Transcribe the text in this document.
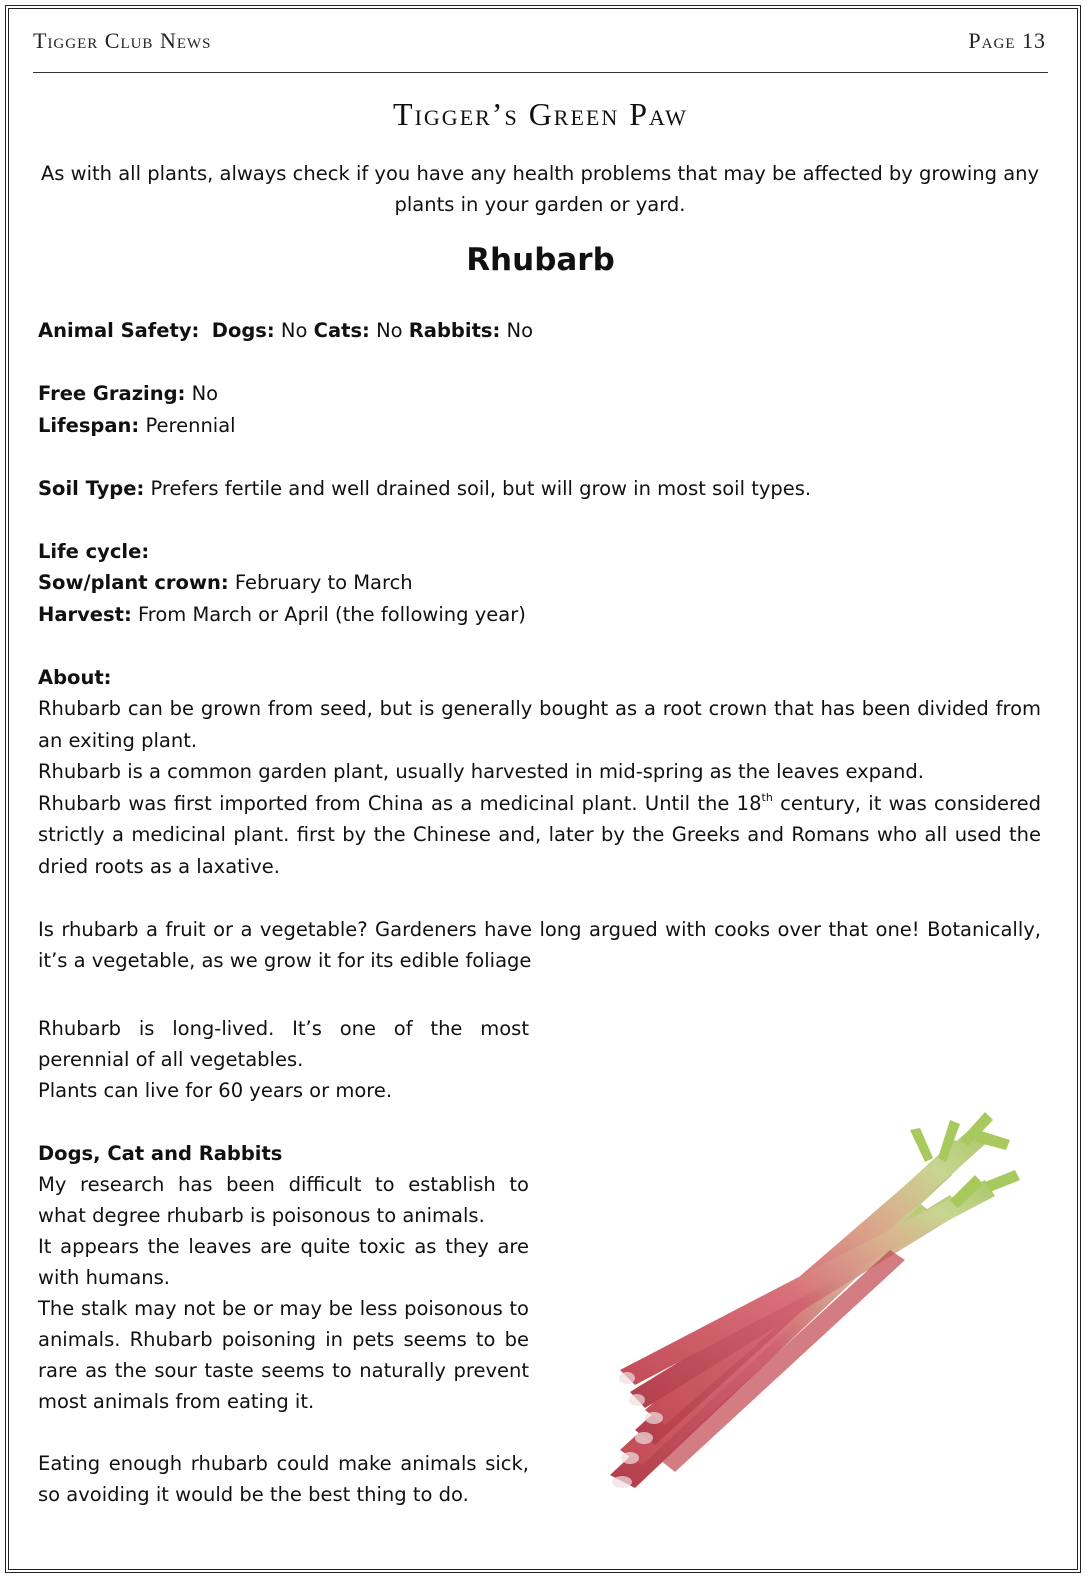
Tigger Club News	Page 13
Tigger’s Green Paw
As with all plants, always check if you have any health problems that may be affected by growing any plants in your garden or yard.
Rhubarb

Animal Safety: Dogs: No Cats: No Rabbits: No

Free Grazing: No

Lifespan: Perennial

Soil Type: Prefers fertile and well drained soil, but will grow in most soil types.

Life cycle:

Sow/plant crown: February to March

Harvest: From March or April (the following year)

About:

Rhubarb can be grown from seed, but is generally bought as a root crown that has been divided from an exiting plant.

Rhubarb is a common garden plant, usually harvested in mid-spring as the leaves expand.

Rhubarb was first imported from China as a medicinal plant. Until the 18th century, it was considered strictly a medicinal plant. first by the Chinese and, later by the Greeks and Romans who all used the dried roots as a laxative.

Is rhubarb a fruit or a vegetable? Gardeners have long argued with cooks over that one! Botanically, it’s a vegetable, as we grow it for its edible foliage

Rhubarb is long-lived. It’s one of the most perennial of all vegetables.

Plants can live for 60 years or more.

Dogs, Cat and Rabbits

My research has been difficult to establish to what degree rhubarb is poisonous to animals.

It appears the leaves are quite toxic as they are with humans.

The stalk may not be or may be less poisonous to animals. Rhubarb poisoning in pets seems to be rare as the sour taste seems to naturally prevent most animals from eating it.

Eating enough rhubarb could make animals sick, so avoiding it would be the best thing to do.
